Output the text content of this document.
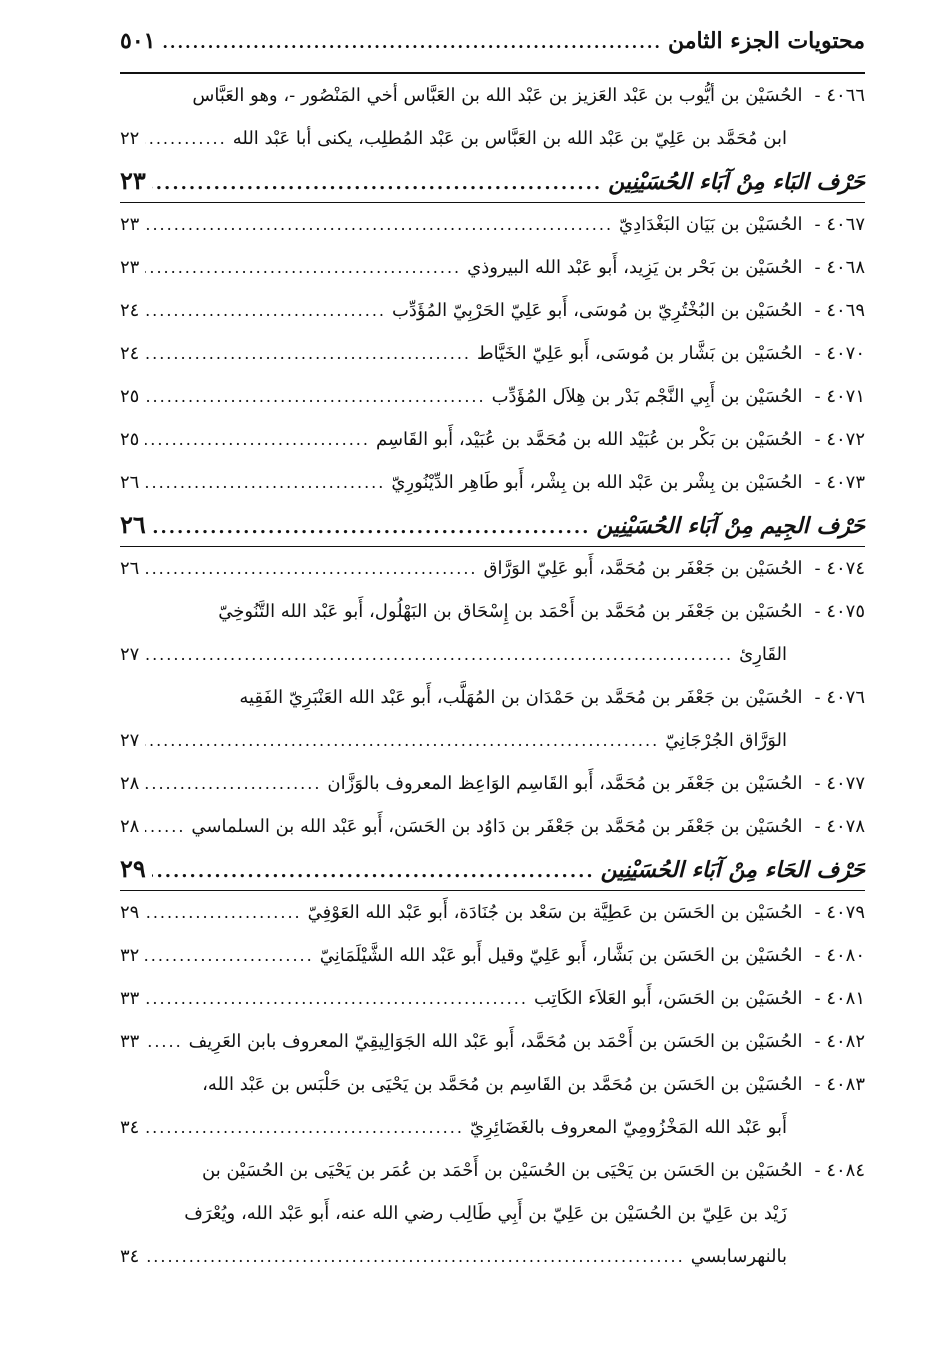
محتويات الجزء الثامن
.....
٥٠١
٤٠٦٦ -الحُسَيْن بن أيُّوب بن عَبْد العَزيز بن عَبْد الله بن العَبَّاس أخي المَنْصُور -، وهو العَبَّاس
ابن مُحَمَّد بن عَلِيّ بن عَبْد الله بن العَبَّاس بن عَبْد المُطلِب، يكنى أبا عَبْد الله
.....
٢٢
حَرْف البَاء مِنْ آبَاء الحُسَيْنِين
.....
٢٣
٤٠٦٧ -
الحُسَيْن بن بَيَان البَغْدَادِيّ
.....
٢٣
٤٠٦٨ -
الحُسَيْن بن بَحْر بن يَزِيد، أَبو عَبْد الله البيروذي
.....
٢٣
٤٠٦٩ -
الحُسَيْن بن البُخْتُرِيّ بن مُوسَى، أَبو عَلِيّ الحَرْبِيّ المُؤَدِّب
.....
٢٤
٤٠٧٠ -
الحُسَيْن بن بَشَّار بن مُوسَى، أَبو عَلِيّ الخَيَّاط
.....
٢٤
٤٠٧١ -
الحُسَيْن بن أَبِي النَّجْم بَدْر بن هِلاَل المُؤَدِّب
.....
٢٥
٤٠٧٢ -
الحُسَيْن بن بَكْر بن عُبَيْد الله بن مُحَمَّد بن عُبَيْد، أَبو القَاسِم
.....
٢٥
٤٠٧٣ -
الحُسَيْن بن بِشْر بن عَبْد الله بن بِشْر، أَبو طَاهِر الدِّيْنُورِيّ
.....
٢٦
حَرْف الجِيم مِنْ آبَاء الحُسَيْنِين
.....
٢٦
٤٠٧٤ -
الحُسَيْن بن جَعْفَر بن مُحَمَّد، أَبو عَلِيّ الوَرَّاق
.....
٢٦
٤٠٧٥ -الحُسَيْن بن جَعْفَر بن مُحَمَّد بن أَحْمَد بن إِسْحَاق بن البَهْلُول، أَبو عَبْد الله التَّنُوخِيّ
القَارِئ
.....
٢٧
٤٠٧٦ -الحُسَيْن بن جَعْفَر بن مُحَمَّد بن حَمْدَان بن المُهَلَّب، أَبو عَبْد الله العَنْبَرِيّ الفَقِيه
الوَرَّاق الجُرْجَانِيّ
.....
٢٧
٤٠٧٧ -
الحُسَيْن بن جَعْفَر بن مُحَمَّد، أَبو القَاسِم الوَاعِظ المعروف بالوَزَّان
.....
٢٨
٤٠٧٨ -
الحُسَيْن بن جَعْفَر بن مُحَمَّد بن جَعْفَر بن دَاوُد بن الحَسَن، أَبو عَبْد الله بن السلماسي
.....
٢٨
حَرْف الحَاء مِنْ آبَاء الحُسَيْنِين
.....
٢٩
٤٠٧٩ -
الحُسَيْن بن الحَسَن بن عَطِيَّة بن سَعْد بن جُنَادَة، أَبو عَبْد الله العَوْفِيّ
.....
٢٩
٤٠٨٠ -
الحُسَيْن بن الحَسَن بن بَشَّار، أَبو عَلِيّ وقيل أَبو عَبْد الله الشَّيْلَمَانِيّ
.....
٣٢
٤٠٨١ -
الحُسَيْن بن الحَسَن، أَبو العَلاَء الكَاتِب
.....
٣٣
٤٠٨٢ -
الحُسَيْن بن الحَسَن بن أَحْمَد بن مُحَمَّد، أَبو عَبْد الله الجَوَالِيقِيّ المعروف بابن العَرِيف
.....
٣٣
٤٠٨٣ -الحُسَيْن بن الحَسَن بن مُحَمَّد بن القَاسِم بن مُحَمَّد بن يَحْيَى بن حَلْبَس بن عَبْد الله،
أَبو عَبْد الله المَخْزُومِيّ المعروف بالغَضَائِرِيّ
.....
٣٤
٤٠٨٤ -الحُسَيْن بن الحَسَن بن يَحْيَى بن الحُسَيْن بن أَحْمَد بن عُمَر بن يَحْيَى بن الحُسَيْن بن
زَيْد بن عَلِيّ بن الحُسَيْن بن عَلِيّ بن أَبِي طَالِب رضي الله عنه، أَبو عَبْد الله، ويُعْرَف
بالنهرسابسي
.....
٣٤
